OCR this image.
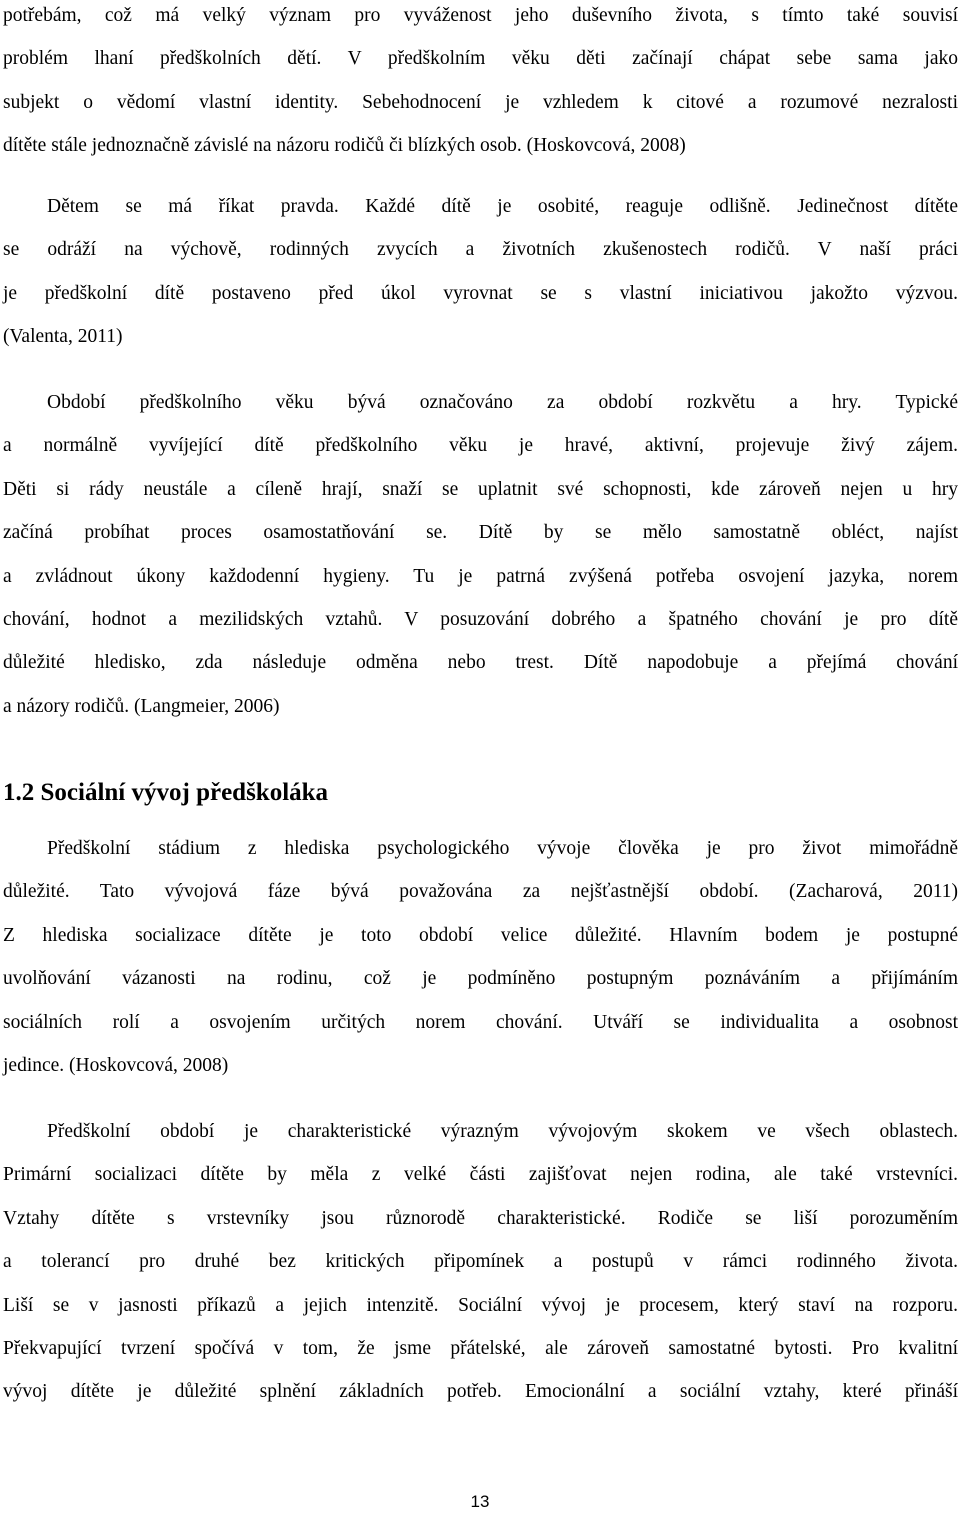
potřebám, což má velký význam pro vyváženost jeho duševního života, s tímto také souvisí
problém lhaní předškolních dětí. V předškolním věku děti začínají chápat sebe sama jako
subjekt o vědomí vlastní identity. Sebehodnocení je vzhledem k citové a rozumové nezralosti
dítěte stále jednoznačně závislé na názoru rodičů či blízkých osob. (Hoskovcová, 2008)

Dětem se má říkat pravda. Každé dítě je osobité, reaguje odlišně. Jedinečnost dítěte
se odráží na výchově, rodinných zvycích a životních zkušenostech rodičů. V naší práci
je předškolní dítě postaveno před úkol vyrovnat se s vlastní iniciativou jakožto výzvou.
(Valenta, 2011)

Období předškolního věku bývá označováno za období rozkvětu a hry. Typické
a normálně vyvíjející dítě předškolního věku je hravé, aktivní, projevuje živý zájem.
Děti si rády neustále a cíleně hrají, snaží se uplatnit své schopnosti, kde zároveň nejen u hry
začíná probíhat proces osamostatňování se. Dítě by se mělo samostatně obléct, najíst
a zvládnout úkony každodenní hygieny. Tu je patrná zvýšená potřeba osvojení jazyka, norem
chování, hodnot a mezilidských vztahů. V posuzování dobrého a špatného chování je pro dítě
důležité hledisko, zda následuje odměna nebo trest. Dítě napodobuje a přejímá chování
a názory rodičů. (Langmeier, 2006)

1.2 Sociální vývoj předškoláka

Předškolní stádium z hlediska psychologického vývoje člověka je pro život mimořádně
důležité. Tato vývojová fáze bývá považována za nejšťastnější období. (Zacharová, 2011)
Z hlediska socializace dítěte je toto období velice důležité. Hlavním bodem je postupné
uvolňování vázanosti na rodinu, což je podmíněno postupným poznáváním a přijímáním
sociálních rolí a osvojením určitých norem chování. Utváří se individualita a osobnost
jedince. (Hoskovcová, 2008)

Předškolní období je charakteristické výrazným vývojovým skokem ve všech oblastech.
Primární socializaci dítěte by měla z velké části zajišťovat nejen rodina, ale také vrstevníci.
Vztahy dítěte s vrstevníky jsou různorodě charakteristické. Rodiče se liší porozuměním
a tolerancí pro druhé bez kritických připomínek a postupů v rámci rodinného života.
Liší se v jasnosti příkazů a jejich intenzitě. Sociální vývoj je procesem, který staví na rozporu.
Překvapující tvrzení spočívá v tom, že jsme přátelské, ale zároveň samostatné bytosti. Pro kvalitní
vývoj dítěte je důležité splnění základních potřeb. Emocionální a sociální vztahy, které přináší

13
